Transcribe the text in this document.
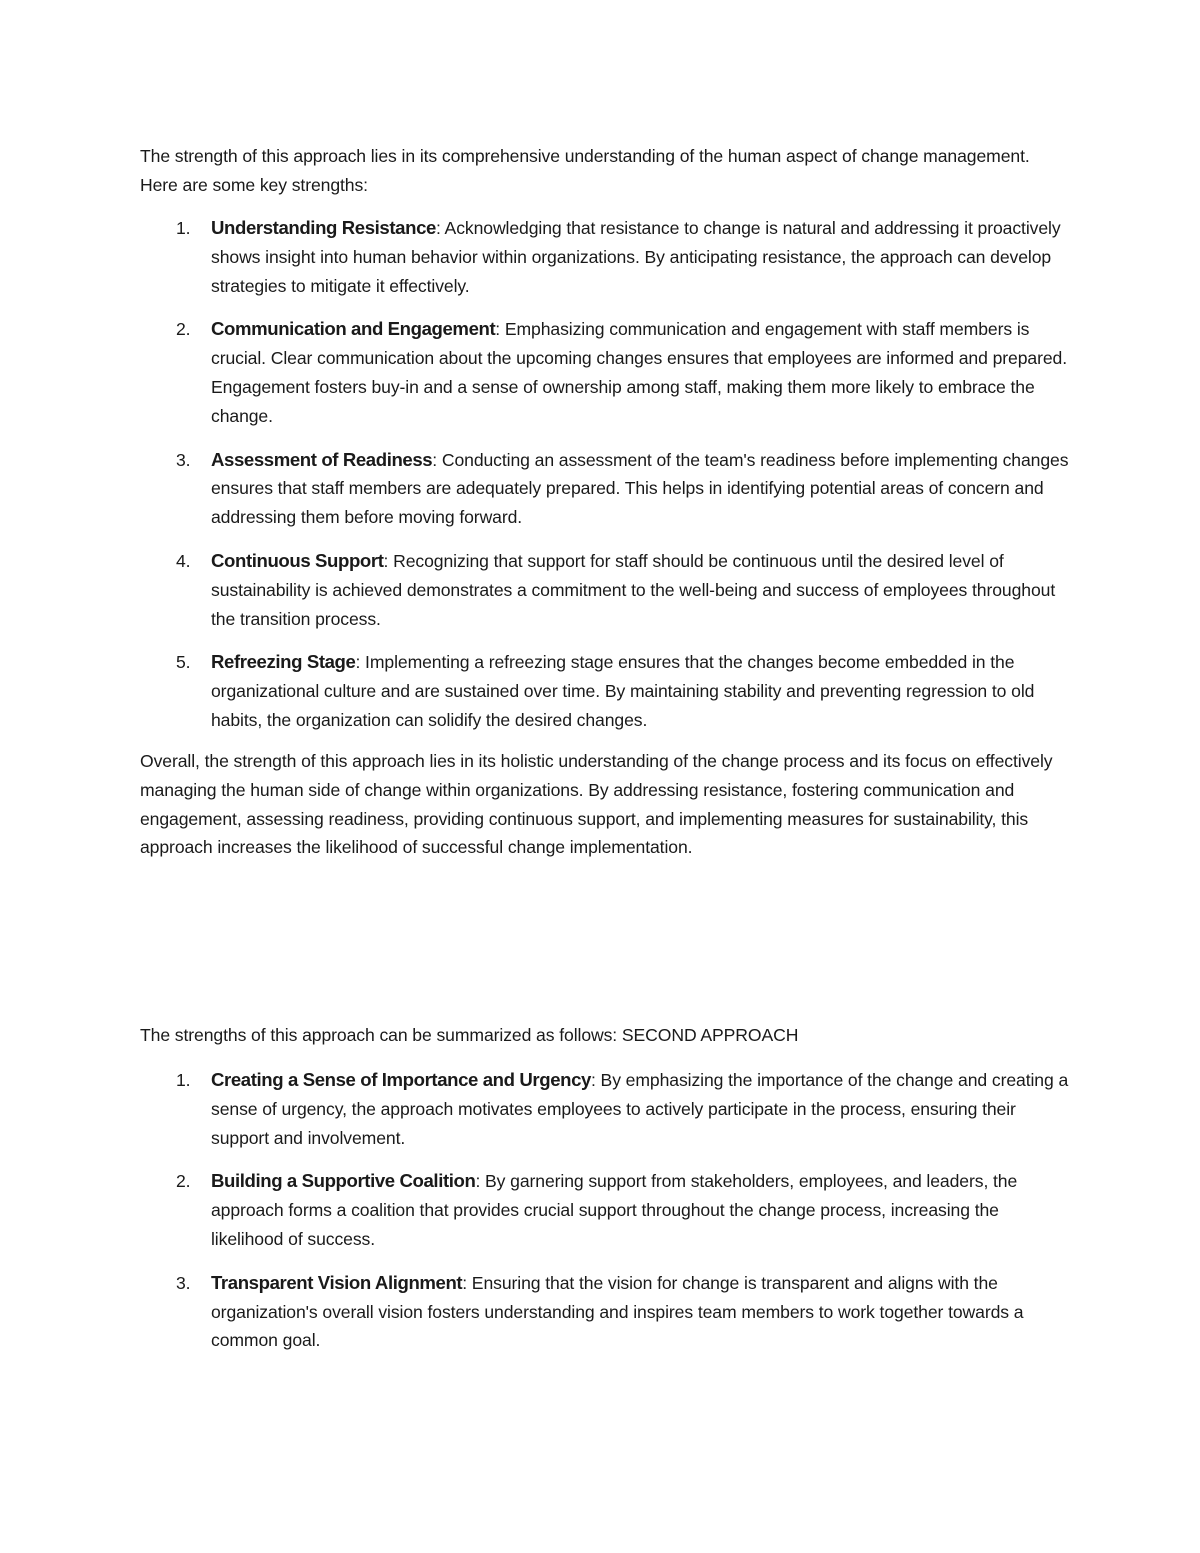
The strength of this approach lies in its comprehensive understanding of the human aspect of change management. Here are some key strengths:

1. Understanding Resistance: Acknowledging that resistance to change is natural and addressing it proactively shows insight into human behavior within organizations. By anticipating resistance, the approach can develop strategies to mitigate it effectively.
2. Communication and Engagement: Emphasizing communication and engagement with staff members is crucial. Clear communication about the upcoming changes ensures that employees are informed and prepared. Engagement fosters buy-in and a sense of ownership among staff, making them more likely to embrace the change.
3. Assessment of Readiness: Conducting an assessment of the team's readiness before implementing changes ensures that staff members are adequately prepared. This helps in identifying potential areas of concern and addressing them before moving forward.
4. Continuous Support: Recognizing that support for staff should be continuous until the desired level of sustainability is achieved demonstrates a commitment to the well-being and success of employees throughout the transition process.
5. Refreezing Stage: Implementing a refreezing stage ensures that the changes become embedded in the organizational culture and are sustained over time. By maintaining stability and preventing regression to old habits, the organization can solidify the desired changes.

Overall, the strength of this approach lies in its holistic understanding of the change process and its focus on effectively managing the human side of change within organizations. By addressing resistance, fostering communication and engagement, assessing readiness, providing continuous support, and implementing measures for sustainability, this approach increases the likelihood of successful change implementation.

The strengths of this approach can be summarized as follows: SECOND APPROACH

1. Creating a Sense of Importance and Urgency: By emphasizing the importance of the change and creating a sense of urgency, the approach motivates employees to actively participate in the process, ensuring their support and involvement.
2. Building a Supportive Coalition: By garnering support from stakeholders, employees, and leaders, the approach forms a coalition that provides crucial support throughout the change process, increasing the likelihood of success.
3. Transparent Vision Alignment: Ensuring that the vision for change is transparent and aligns with the organization's overall vision fosters understanding and inspires team members to work together towards a common goal.
